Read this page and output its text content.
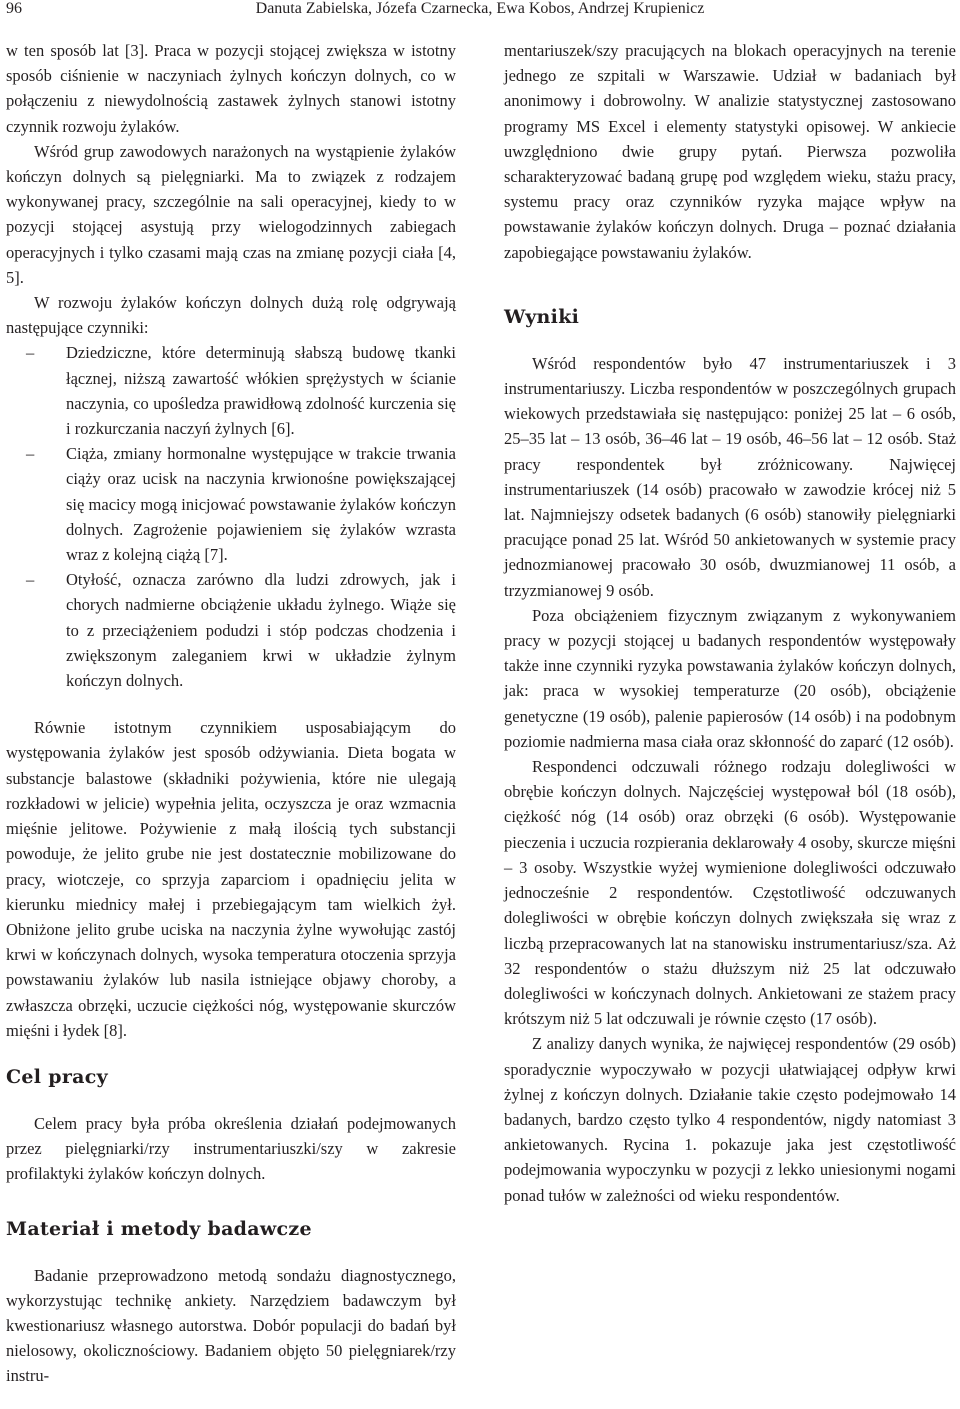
96	Danuta Zabielska, Józefa Czarnecka, Ewa Kobos, Andrzej Krupienicz

w ten sposób lat [3]. Praca w pozycji stojącej zwiększa w istotny sposób ciśnienie w naczyniach żylnych kończyn dolnych, co w połączeniu z niewydolnością zastawek żylnych stanowi istotny czynnik rozwoju żylaków.

Wśród grup zawodowych narażonych na wystąpienie żylaków kończyn dolnych są pielęgniarki. Ma to związek z rodzajem wykonywanej pracy, szczególnie na sali operacyjnej, kiedy to w pozycji stojącej asystują przy wielogodzinnych zabiegach operacyjnych i tylko czasami mają czas na zmianę pozycji ciała [4, 5].

W rozwoju żylaków kończyn dolnych dużą rolę odgrywają następujące czynniki:

– Dziedziczne, które determinują słabszą budowę tkanki łącznej, niższą zawartość włókien sprężystych w ścianie naczynia, co upośledza prawidłową zdolność kurczenia się i rozkurczania naczyń żylnych [6].
– Ciąża, zmiany hormonalne występujące w trakcie trwania ciąży oraz ucisk na naczynia krwionośne powiększającej się macicy mogą inicjować powstawanie żylaków kończyn dolnych. Zagrożenie pojawieniem się żylaków wzrasta wraz z kolejną ciążą [7].
– Otyłość, oznacza zarówno dla ludzi zdrowych, jak i chorych nadmierne obciążenie układu żylnego. Wiąże się to z przeciążeniem podudzi i stóp podczas chodzenia i zwiększonym zaleganiem krwi w układzie żylnym kończyn dolnych.

Równie istotnym czynnikiem usposabiającym do występowania żylaków jest sposób odżywiania. Dieta bogata w substancje balastowe (składniki pożywienia, które nie ulegają rozkładowi w jelicie) wypełnia jelita, oczyszcza je oraz wzmacnia mięśnie jelitowe. Pożywienie z małą ilością tych substancji powoduje, że jelito grube nie jest dostatecznie mobilizowane do pracy, wiotczeje, co sprzyja zaparciom i opadnięciu jelita w kierunku miednicy małej i przebiegającym tam wielkich żył. Obniżone jelito grube uciska na naczynia żylne wywołując zastój krwi w kończynach dolnych, wysoka temperatura otoczenia sprzyja powstawaniu żylaków lub nasila istniejące objawy choroby, a zwłaszcza obrzęki, uczucie ciężkości nóg, występowanie skurczów mięśni i łydek [8].

Cel pracy

Celem pracy była próba określenia działań podejmowanych przez pielęgniarki/rzy instrumentariuszki/szy w zakresie profilaktyki żylaków kończyn dolnych.

Materiał i metody badawcze

Badanie przeprowadzono metodą sondażu diagnostycznego, wykorzystując technikę ankiety. Narzędziem badawczym był kwestionariusz własnego autorstwa. Dobór populacji do badań był nielosowy, okolicznościowy. Badaniem objęto 50 pielęgniarek/rzy instru-

mentariuszek/szy pracujących na blokach operacyjnych na terenie jednego ze szpitali w Warszawie. Udział w badaniach był anonimowy i dobrowolny. W analizie statystycznej zastosowano programy MS Excel i elementy statystyki opisowej. W ankiecie uwzględniono dwie grupy pytań. Pierwsza pozwoliła scharakteryzować badaną grupę pod względem wieku, stażu pracy, systemu pracy oraz czynników ryzyka mające wpływ na powstawanie żylaków kończyn dolnych. Druga – poznać działania zapobiegające powstawaniu żylaków.

Wyniki

Wśród respondentów było 47 instrumentariuszek i 3 instrumentariuszy. Liczba respondentów w poszczególnych grupach wiekowych przedstawiała się następująco: poniżej 25 lat – 6 osób, 25–35 lat – 13 osób, 36–46 lat – 19 osób, 46–56 lat – 12 osób. Staż pracy respondentek był zróżnicowany. Najwięcej instrumentariuszek (14 osób) pracowało w zawodzie krócej niż 5 lat. Najmniejszy odsetek badanych (6 osób) stanowiły pielęgniarki pracujące ponad 25 lat. Wśród 50 ankietowanych w systemie pracy jednozmianowej pracowało 30 osób, dwuzmianowej 11 osób, a trzyzmianowej 9 osób.

Poza obciążeniem fizycznym związanym z wykonywaniem pracy w pozycji stojącej u badanych respondentów występowały także inne czynniki ryzyka powstawania żylaków kończyn dolnych, jak: praca w wysokiej temperaturze (20 osób), obciążenie genetyczne (19 osób), palenie papierosów (14 osób) i na podobnym poziomie nadmierna masa ciała oraz skłonność do zaparć (12 osób).

Respondenci odczuwali różnego rodzaju dolegliwości w obrębie kończyn dolnych. Najczęściej występował ból (18 osób), ciężkość nóg (14 osób) oraz obrzęki (6 osób). Występowanie pieczenia i uczucia rozpierania deklarowały 4 osoby, skurcze mięśni – 3 osoby. Wszystkie wyżej wymienione dolegliwości odczuwało jednocześnie 2 respondentów. Częstotliwość odczuwanych dolegliwości w obrębie kończyn dolnych zwiększała się wraz z liczbą przepracowanych lat na stanowisku instrumentariusz/sza. Aż 32 respondentów o stażu dłuższym niż 25 lat odczuwało dolegliwości w kończynach dolnych. Ankietowani ze stażem pracy krótszym niż 5 lat odczuwali je równie często (17 osób).

Z analizy danych wynika, że najwięcej respondentów (29 osób) sporadycznie wypoczywało w pozycji ułatwiającej odpływ krwi żylnej z kończyn dolnych. Działanie takie często podejmowało 14 badanych, bardzo często tylko 4 respondentów, nigdy natomiast 3 ankietowanych. Rycina 1. pokazuje jaka jest częstotliwość podejmowania wypoczynku w pozycji z lekko uniesionymi nogami ponad tułów w zależności od wieku respondentów.
